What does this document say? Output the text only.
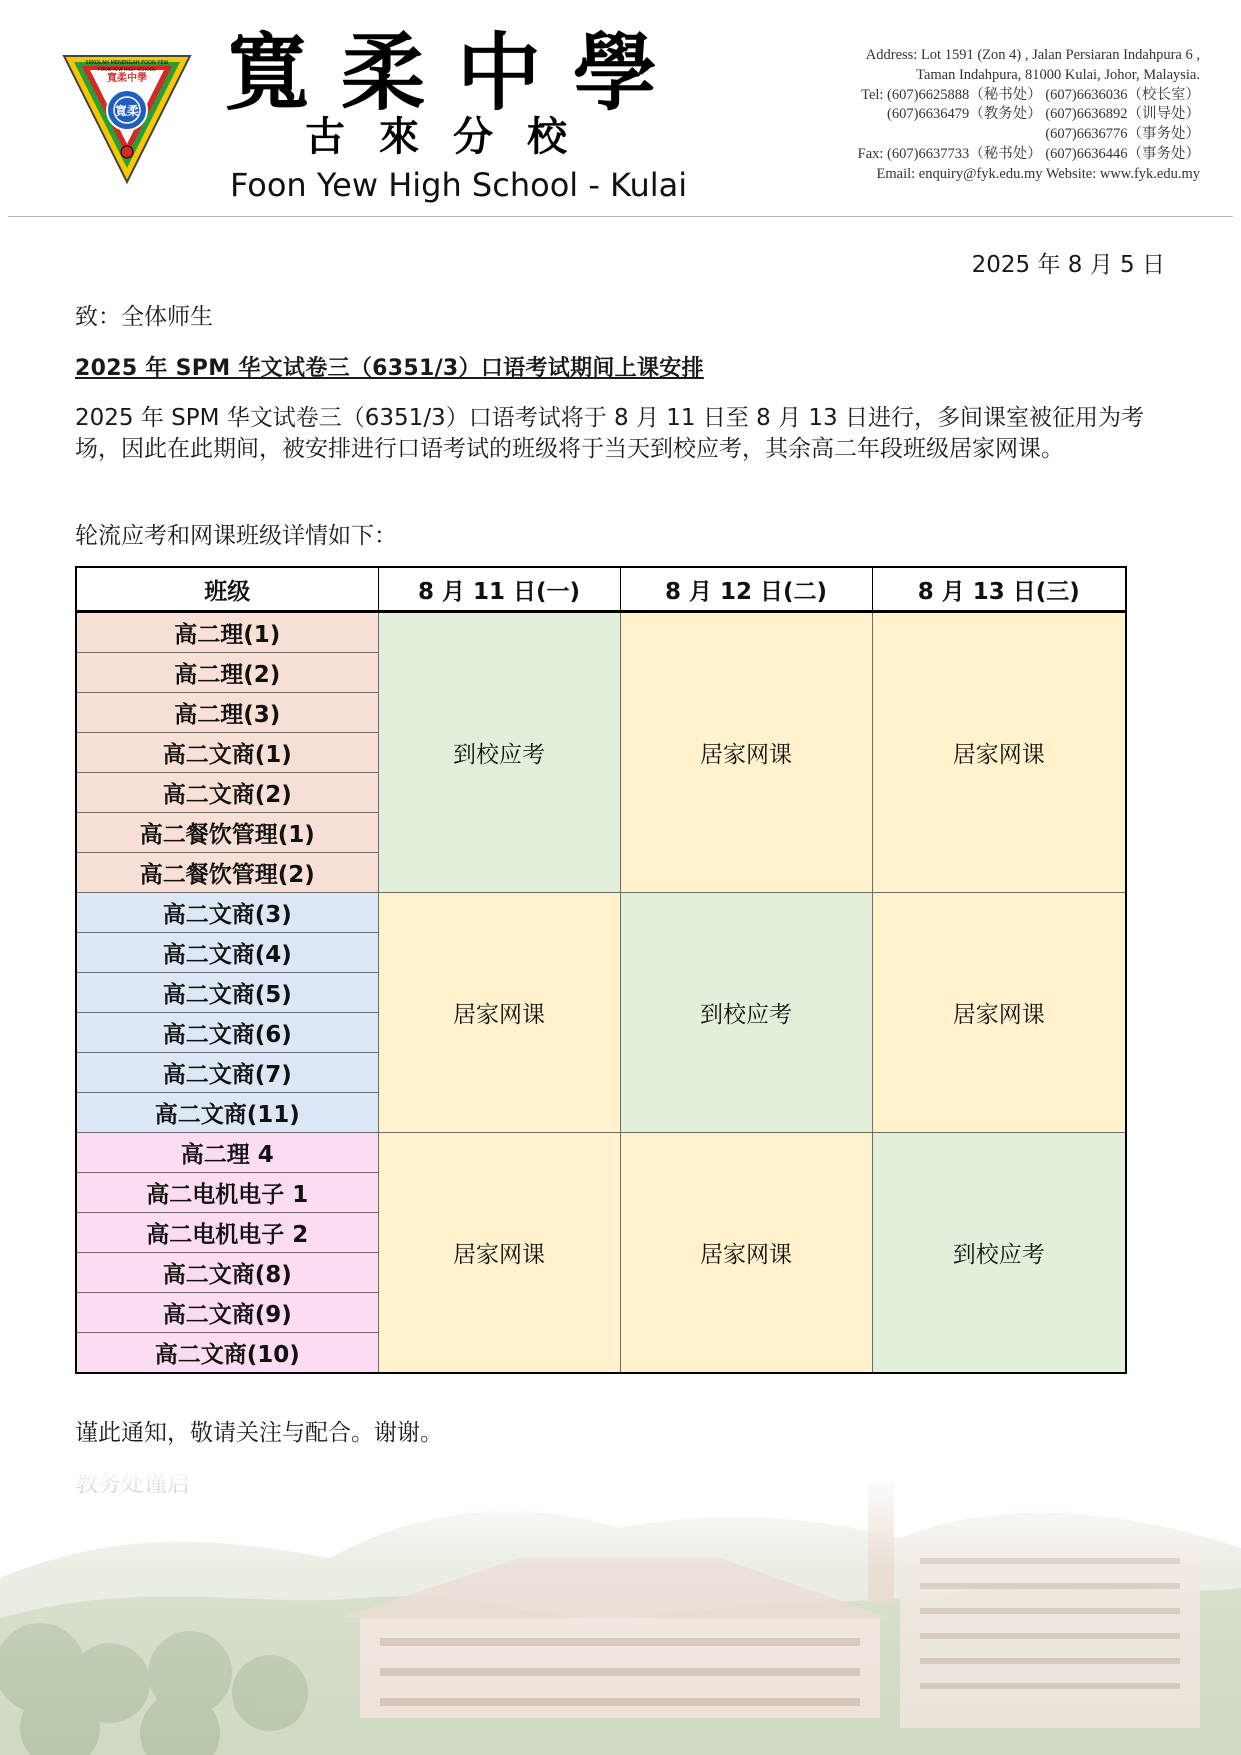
SEKOLAH MENENGAH FOON YEW
FOON YEW HIGH SCHOOL
寬柔中學
寬柔 寬柔中學
古來分校
Foon Yew High School - Kulai
Address: Lot 1591 (Zon 4) , Jalan Persiaran Indahpura 6 ,
Taman Indahpura, 81000 Kulai, Johor, Malaysia.
Tel: (607)6625888（秘书处） (607)6636036（校长室）
(607)6636479（教务处） (607)6636892（训导处）
(607)6636776（事务处）
Fax: (607)6637733（秘书处） (607)6636446（事务处）
Email: enquiry@fyk.edu.my Website: www.fyk.edu.my
2025 年 8 月 5 日
致：全体师生
2025 年 SPM 华文试卷三（6351/3）口语考试期间上课安排
2025 年 SPM 华文试卷三（6351/3）口语考试将于 8 月 11 日至 8 月 13 日进行，多间课室被征用为考场，因此在此期间，被安排进行口语考试的班级将于当天到校应考，其余高二年段班级居家网课。
轮流应考和网课班级详情如下：
班级	8 月 11 日(一)	8 月 12 日(二)	8 月 13 日(三)
高二理(1)	到校应考	居家网课	居家网课
高二理(2)			
高二理(3)			
高二文商(1)			
高二文商(2)			
高二餐饮管理(1)			
高二餐饮管理(2)			
高二文商(3)	居家网课	到校应考	居家网课
高二文商(4)			
高二文商(5)			
高二文商(6)			
高二文商(7)			
高二文商(11)			
高二理 4	居家网课	居家网课	到校应考
高二电机电子 1			
高二电机电子 2			
高二文商(8)			
高二文商(9)			
高二文商(10)			
谨此通知，敬请关注与配合。谢谢。
